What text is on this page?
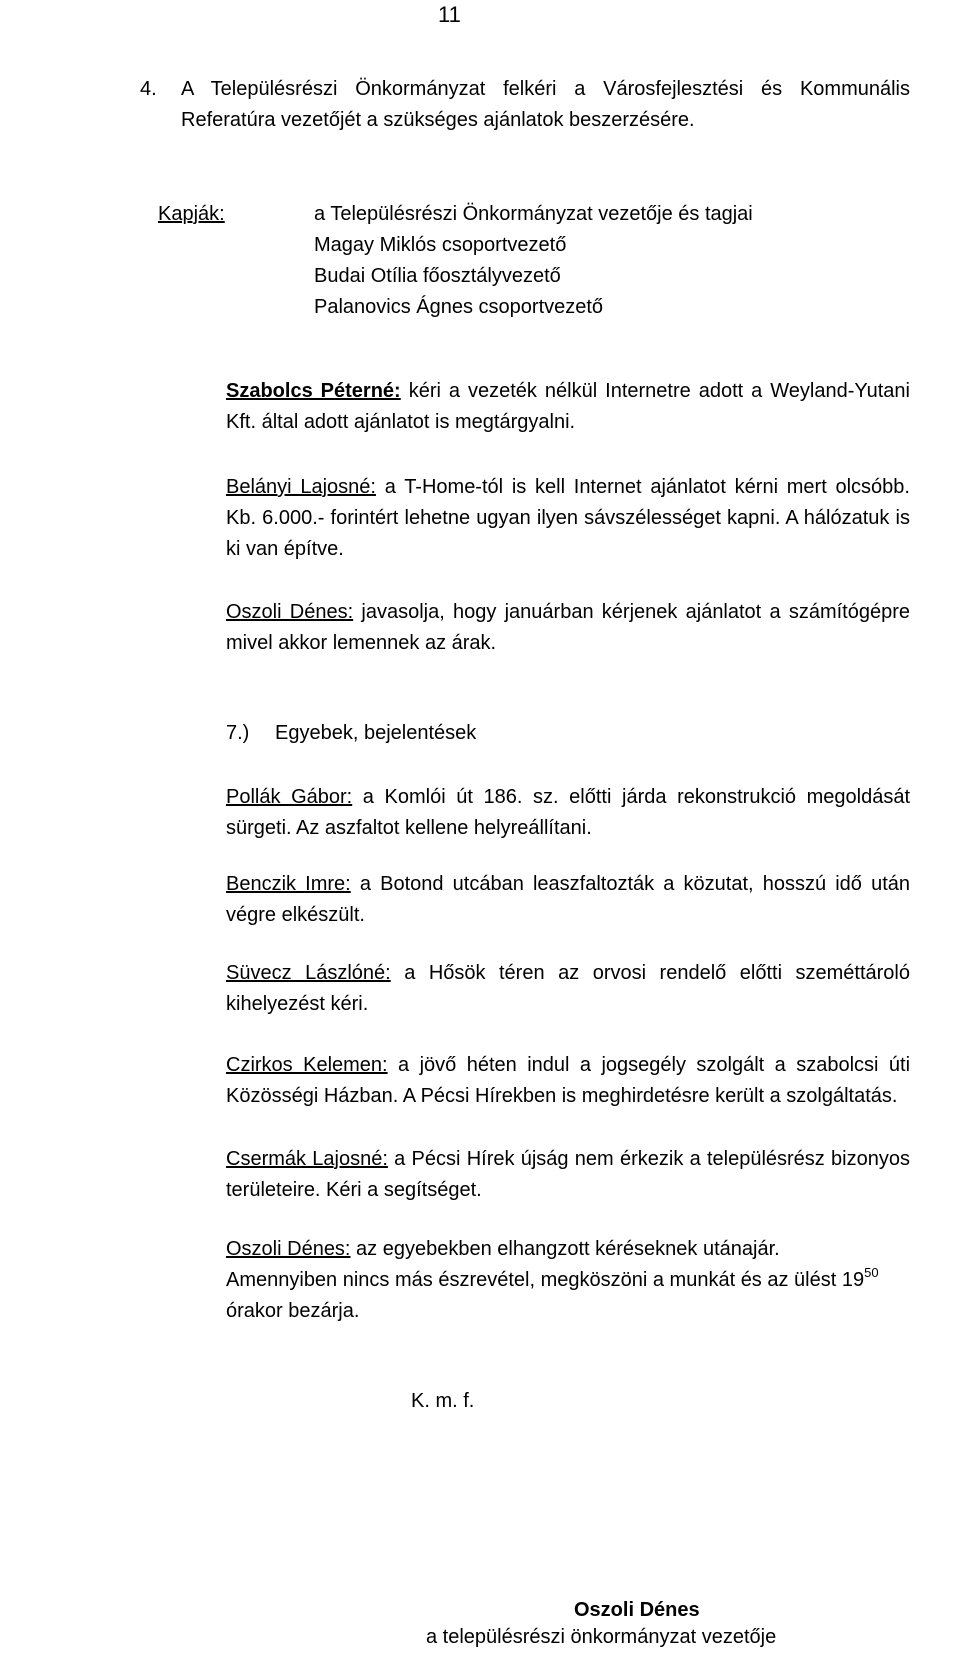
11
4. A Településrészi Önkormányzat felkéri a Városfejlesztési és Kommunális Referatúra vezetőjét a szükséges ajánlatok beszerzésére.
Kapják:	a Településrészi Önkormányzat vezetője és tagjai
Magay Miklós csoportvezető
Budai Otília főosztályvezető
Palanovics Ágnes csoportvezető
Szabolcs Péterné: kéri a vezeték nélkül Internetre adott a Weyland-Yutani Kft. által adott ajánlatot is megtárgyalni.
Belányi Lajosné: a T-Home-tól is kell Internet ajánlatot kérni mert olcsóbb. Kb. 6.000.- forintért lehetne ugyan ilyen sávszélességet kapni. A hálózatuk is ki van építve.
Oszoli Dénes: javasolja, hogy januárban kérjenek ajánlatot a számítógépre mivel akkor lemennek az árak.
7.) Egyebek, bejelentések
Pollák Gábor: a Komlói út 186. sz. előtti járda rekonstrukció megoldását sürgeti. Az aszfaltot kellene helyreállítani.
Benczik Imre: a Botond utcában leaszfaltozták a közutat, hosszú idő után végre elkészült.
Süvecz Lászlóné: a Hősök téren az orvosi rendelő előtti szeméttároló kihelyezést kéri.
Czirkos Kelemen: a jövő héten indul a jogsegély szolgált a szabolcsi úti Közösségi Házban. A Pécsi Hírekben is meghirdetésre került a szolgáltatás.
Csermák Lajosné: a Pécsi Hírek újság nem érkezik a településrész bizonyos területeire. Kéri a segítséget.
Oszoli Dénes: az egyebekben elhangzott kéréseknek utánajár.
Amennyiben nincs más észrevétel, megköszöni a munkát és az ülést $19^{50}$ órakor bezárja.
K. m. f.
Oszoli Dénes
a településrészi önkormányzat vezetője
